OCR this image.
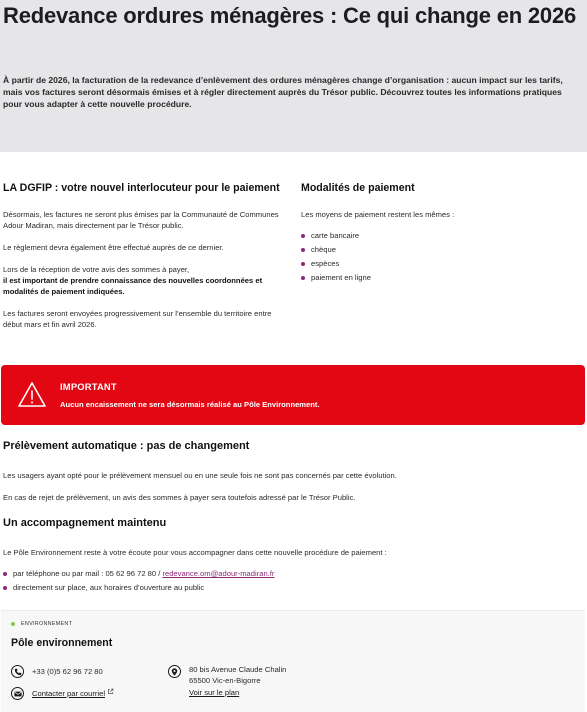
Redevance ordures ménagères : Ce qui change en 2026

À partir de 2026, la facturation de la redevance d’enlèvement des ordures ménagères change d’organisation : aucun impact sur les tarifs, mais vos factures seront désormais émises et à régler directement auprès du Trésor public. Découvrez toutes les informations pratiques pour vous adapter à cette nouvelle procédure.

LA DGFIP : votre nouvel interlocuteur pour le paiement

Désormais, les factures ne seront plus émises par la Communauté de Communes Adour Madiran, mais directement par le Trésor public.

Le règlement devra également être effectué auprès de ce dernier.

Lors de la réception de votre avis des sommes à payer,
il est important de prendre connaissance des nouvelles coordonnées et modalités de paiement indiquées.

Les factures seront envoyées progressivement sur l’ensemble du territoire entre début mars et fin avril 2026.

Modalités de paiement

Les moyens de paiement restent les mêmes :

carte bancaire
chèque
espèces
paiement en ligne
IMPORTANT

Aucun encaissement ne sera désormais réalisé au Pôle Environnement.

Prélèvement automatique : pas de changement

Les usagers ayant opté pour le prélèvement mensuel ou en une seule fois ne sont pas concernés par cette évolution.

En cas de rejet de prélèvement, un avis des sommes à payer sera toutefois adressé par le Trésor Public.

Un accompagnement maintenu

Le Pôle Environnement reste à votre écoute pour vous accompagner dans cette nouvelle procédure de paiement :

par téléphone ou par mail : 05 62 96 72 80 / redevance.om@adour-madiran.fr
directement sur place, aux horaires d’ouverture au public
ENVIRONNEMENT
Pôle environnement
+33 (0)5 62 96 72 80
Contacter par courriel
80 bis Avenue Claude Chalin
65500 Vic-en-Bigorre
Voir sur le plan
